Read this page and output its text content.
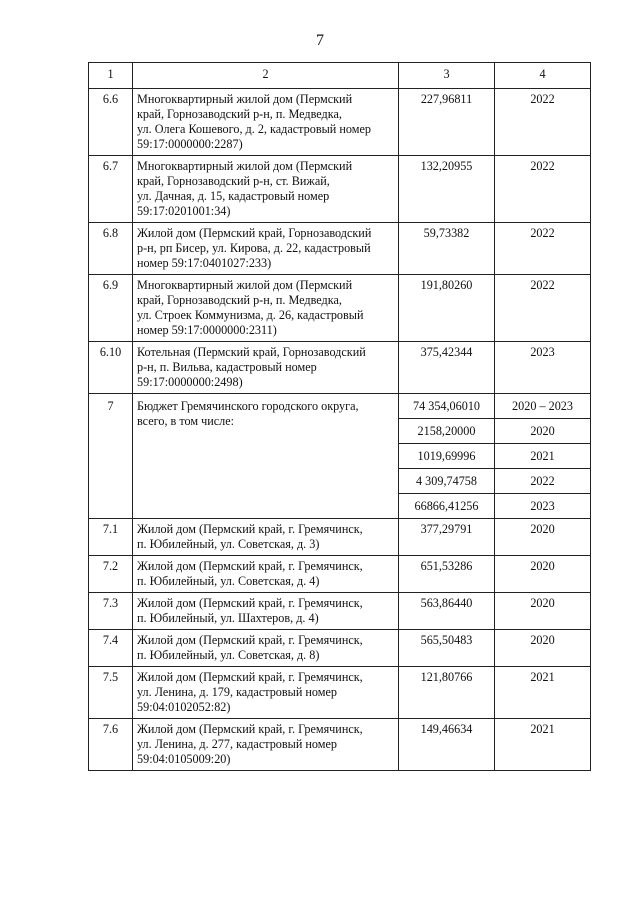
7
1	2	3	4
6.6	Многоквартирный жилой дом (Пермский
край, Горнозаводский р-н, п. Медведка,
ул. Олега Кошевого, д. 2, кадастровый номер
59:17:0000000:2287)	227,96811	2022
6.7	Многоквартирный жилой дом (Пермский
край, Горнозаводский р-н, ст. Вижай,
ул. Дачная, д. 15, кадастровый номер
59:17:0201001:34)	132,20955	2022
6.8	Жилой дом (Пермский край, Горнозаводский
р-н, рп Бисер, ул. Кирова, д. 22, кадастровый
номер 59:17:0401027:233)	59,73382	2022
6.9	Многоквартирный жилой дом (Пермский
край, Горнозаводский р-н, п. Медведка,
ул. Строек Коммунизма, д. 26, кадастровый
номер 59:17:0000000:2311)	191,80260	2022
6.10	Котельная (Пермский край, Горнозаводский
р-н, п. Вильва, кадастровый номер
59:17:0000000:2498)	375,42344	2023
7	Бюджет Гремячинского городского округа,
всего, в том числе:	74 354,06010	2020 – 2023
		2158,20000	2020
		1019,69996	2021
		4 309,74758	2022
		66866,41256	2023
7.1	Жилой дом (Пермский край, г. Гремячинск,
п. Юбилейный, ул. Советская, д. 3)	377,29791	2020
7.2	Жилой дом (Пермский край, г. Гремячинск,
п. Юбилейный, ул. Советская, д. 4)	651,53286	2020
7.3	Жилой дом (Пермский край, г. Гремячинск,
п. Юбилейный, ул. Шахтеров, д. 4)	563,86440	2020
7.4	Жилой дом (Пермский край, г. Гремячинск,
п. Юбилейный, ул. Советская, д. 8)	565,50483	2020
7.5	Жилой дом (Пермский край, г. Гремячинск,
ул. Ленина, д. 179, кадастровый номер
59:04:0102052:82)	121,80766	2021
7.6	Жилой дом (Пермский край, г. Гремячинск,
ул. Ленина, д. 277, кадастровый номер
59:04:0105009:20)	149,46634	2021
